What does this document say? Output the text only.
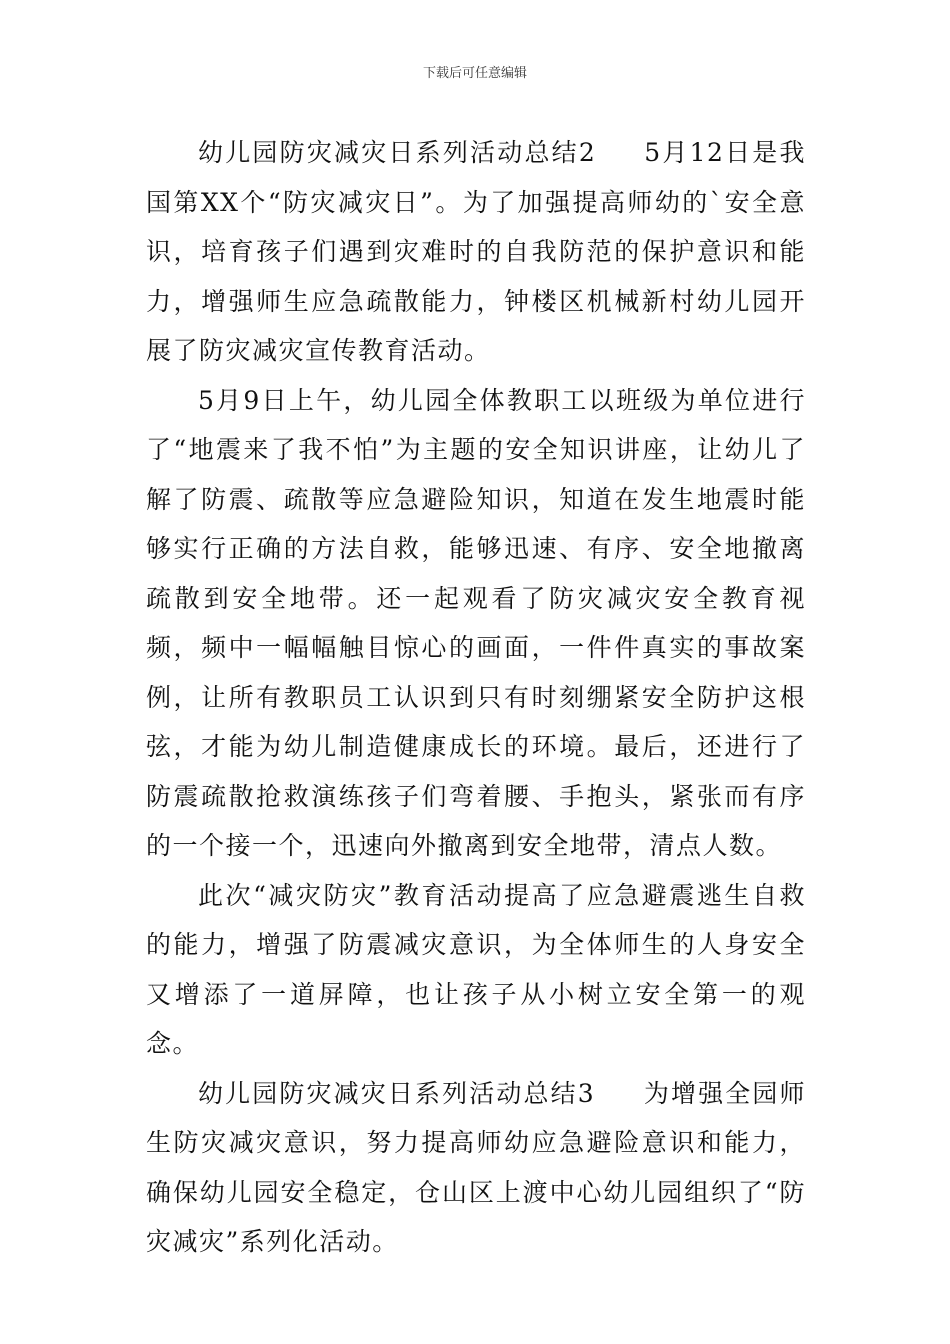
下载后可任意编辑

幼儿园防灾减灾日系列活动总结2 5月12日是我国第XX个“防灾减灾日”。为了加强提高师幼的`安全意识，培育孩子们遇到灾难时的自我防范的保护意识和能力，增强师生应急疏散能力，钟楼区机械新村幼儿园开展了防灾减灾宣传教育活动。

5月9日上午，幼儿园全体教职工以班级为单位进行了“地震来了我不怕”为主题的安全知识讲座，让幼儿了解了防震、疏散等应急避险知识，知道在发生地震时能够实行正确的方法自救，能够迅速、有序、安全地撤离疏散到安全地带。还一起观看了防灾减灾安全教育视频，频中一幅幅触目惊心的画面，一件件真实的事故案例，让所有教职员工认识到只有时刻绷紧安全防护这根弦，才能为幼儿制造健康成长的环境。最后，还进行了防震疏散抢救演练孩子们弯着腰、手抱头，紧张而有序的一个接一个，迅速向外撤离到安全地带，清点人数。

此次“减灾防灾”教育活动提高了应急避震逃生自救的能力，增强了防震减灾意识，为全体师生的人身安全又增添了一道屏障，也让孩子从小树立安全第一的观念。

幼儿园防灾减灾日系列活动总结3 为增强全园师生防灾减灾意识，努力提高师幼应急避险意识和能力，确保幼儿园安全稳定，仓山区上渡中心幼儿园组织了“防灾减灾”系列化活动。
